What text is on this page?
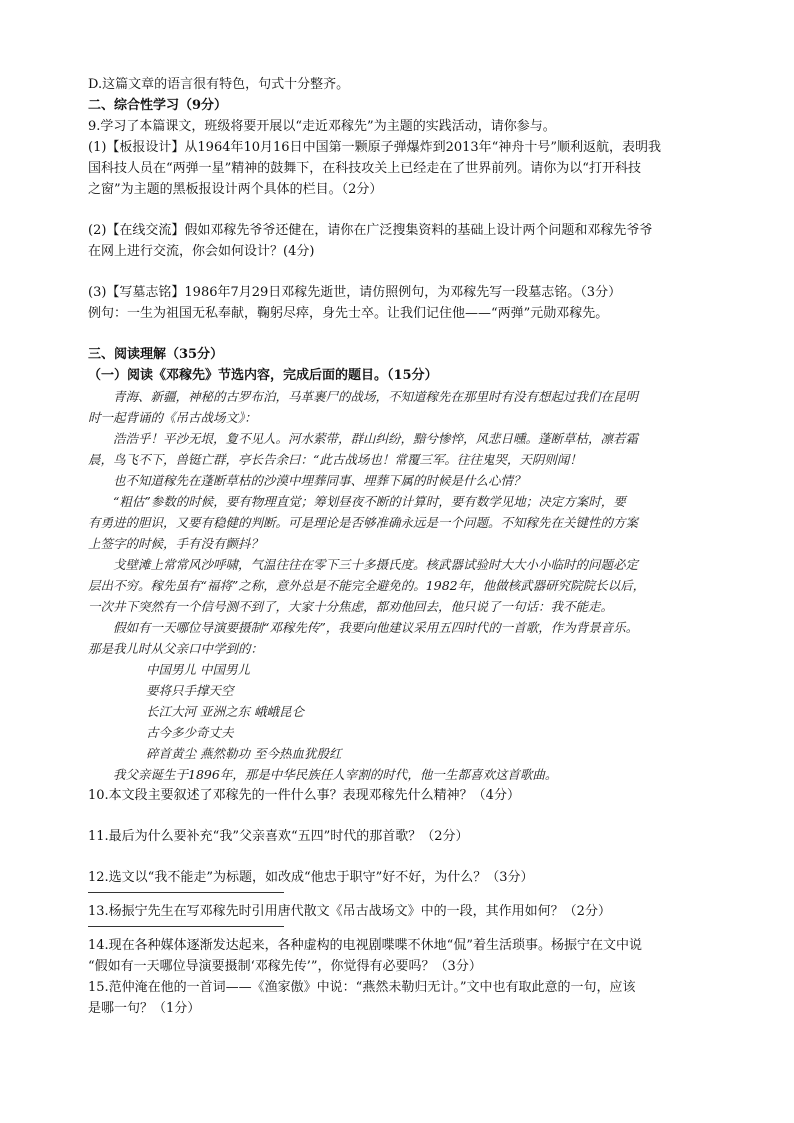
D.这篇文章的语言很有特色，句式十分整齐。
二、综合性学习（9分）
9.学习了本篇课文，班级将要开展以“走近邓稼先”为主题的实践活动，请你参与。
(1)【板报设计】从1964年10月16日中国第一颗原子弹爆炸到2013年“神舟十号”顺利返航，表明我
国科技人员在“两弹一星”精神的鼓舞下，在科技攻关上已经走在了世界前列。请你为以“打开科技
之窗”为主题的黑板报设计两个具体的栏目。（2分）
(2)【在线交流】假如邓稼先爷爷还健在，请你在广泛搜集资料的基础上设计两个问题和邓稼先爷爷
在网上进行交流，你会如何设计？(4分)
(3)【写墓志铭】1986年7月29日邓稼先逝世，请仿照例句，为邓稼先写一段墓志铭。（3分）
例句：一生为祖国无私奉献，鞠躬尽瘁，身先士卒。让我们记住他——“两弹”元勋邓稼先。
三、阅读理解（35分）
（一）阅读《邓稼先》节选内容，完成后面的题目。（15分）
青海、新疆，神秘的古罗布泊，马革裹尸的战场，不知道稼先在那里时有没有想起过我们在昆明
时一起背诵的《吊古战场文》：
浩浩乎！平沙无垠，夐不见人。河水萦带，群山纠纷，黯兮惨悴，风悲日曛。蓬断草枯，凛若霜
晨，鸟飞不下，兽铤亡群，亭长告余曰：“此古战场也！常覆三军。往往鬼哭，天阴则闻！
也不知道稼先在蓬断草枯的沙漠中埋葬同事、埋葬下属的时候是什么心情？
“粗估”参数的时候，要有物理直觉；筹划昼夜不断的计算时，要有数学见地；决定方案时，要
有勇进的胆识，又要有稳健的判断。可是理论是否够准确永远是一个问题。不知稼先在关键性的方案
上签字的时候，手有没有颤抖？
戈壁滩上常常风沙呼啸，气温往往在零下三十多摄氏度。核武器试验时大大小小临时的问题必定
层出不穷。稼先虽有“福将”之称，意外总是不能完全避免的。1982年，他做核武器研究院院长以后，
一次井下突然有一个信号测不到了，大家十分焦虑，都劝他回去，他只说了一句话：我不能走。
假如有一天哪位导演要摄制“邓稼先传”，我要向他建议采用五四时代的一首歌，作为背景音乐。
那是我儿时从父亲口中学到的：
中国男儿 中国男儿
要将只手撑天空
长江大河 亚洲之东 峨峨昆仑
古今多少奇丈夫
碎首黄尘 燕然勒功 至今热血犹殷红
我父亲诞生于1896年，那是中华民族任人宰割的时代，他一生都喜欢这首歌曲。
10.本文段主要叙述了邓稼先的一件什么事？表现邓稼先什么精神？（4分）
11.最后为什么要补充“我”父亲喜欢“五四”时代的那首歌？（2分）
12.选文以“我不能走”为标题，如改成“他忠于职守”好不好，为什么？（3分）
13.杨振宁先生在写邓稼先时引用唐代散文《吊古战场文》中的一段，其作用如何？（2分）
14.现在各种媒体逐渐发达起来，各种虚构的电视剧喋喋不休地“侃”着生活琐事。杨振宁在文中说
“假如有一天哪位导演要摄制‘邓稼先传’”，你觉得有必要吗？（3分）
15.范仲淹在他的一首词——《渔家傲》中说：“燕然未勒归无计。”文中也有取此意的一句，应该
是哪一句？（1分）
